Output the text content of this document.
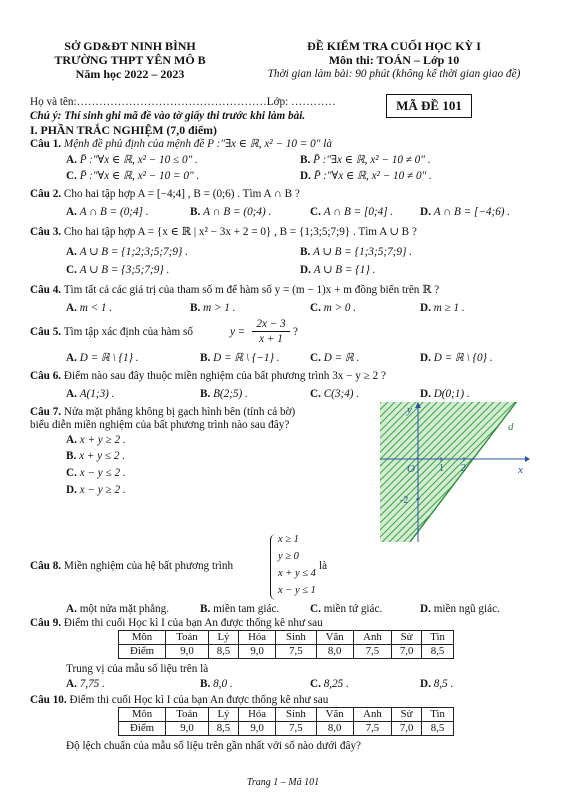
SỞ GD&ĐT NINH BÌNH
TRƯỜNG THPT YÊN MÔ B
Năm học 2022 – 2023
ĐỀ KIỂM TRA CUỐI HỌC KỲ I
Môn thi: TOÁN – Lớp 10
Thời gian làm bài: 90 phút (không kể thời gian giao đề)
Họ và tên:……………………………………………Lớp: …………
Chú ý: Thí sinh ghi mã đề vào tờ giấy thi trước khi làm bài.
MÃ ĐỀ 101
I. PHẦN TRẮC NGHIỆM (7,0 điểm)
Câu 1. Mệnh đề phủ định của mệnh đề P :"∃x ∈ ℝ, x² − 10 = 0" là
A. P̄ :"∀x ∈ ℝ, x² − 10 ≤ 0" .	B. P̄ :"∃x ∈ ℝ, x² − 10 ≠ 0" .
C. P̄ :"∀x ∈ ℝ, x² − 10 = 0" .	D. P̄ :"∀x ∈ ℝ, x² − 10 ≠ 0" .
Câu 2. Cho hai tập hợp A = [−4;4] , B = (0;6) . Tìm A ∩ B ?
A. A ∩ B = (0;4] .	B. A ∩ B = (0;4) .	C. A ∩ B = [0;4] . D. A ∩ B = [−4;6) .
Câu 3. Cho hai tập hợp A = {x ∈ ℝ | x² − 3x + 2 = 0} , B = {1;3;5;7;9} . Tìm A ∪ B ?
A. A ∪ B = {1;2;3;5;7;9} .	B. A ∪ B = {1;3;5;7;9} .
C. A ∪ B = {3;5;7;9} .	D. A ∪ B = {1} .
Câu 4. Tìm tất cả các giá trị của tham số m để hàm số y = (m − 1)x + m đồng biến trên ℝ ?
A. m < 1 .	B. m > 1 .	C. m > 0 .	D. m ≥ 1 .
Câu 5. Tìm tập xác định của hàm số	y =
2x − 3
x + 1
?
A. D = ℝ \ {1} .	B. D = ℝ \ {−1} .	C. D = ℝ .	D. D = ℝ \ {0} .
Câu 6. Điểm nào sau đây thuộc miền nghiệm của bất phương trình 3x − y ≥ 2 ?
A. A(1;3) .	B. B(2;5) .	C. C(3;4) .	D. D(0;1) .
Câu 7. Nửa mặt phẳng không bị gạch hình bên (tính cả bờ)
biểu diễn miền nghiệm của bất phương trình nào sau đây?
A. x + y ≥ 2 .
B. x + y ≤ 2 .
C. x − y ≤ 2 .
D. x − y ≥ 2 .
x
y
O 1 2
-2
d
Câu 8. Miền nghiệm của hệ bất phương trình
x ≥ 1
y ≥ 0
x + y ≤ 4
x − y ≤ 1
là
A. một nửa mặt phẳng.	B. miền tam giác.	C. miền tứ giác.	D. miền ngũ giác.
Câu 9. Điểm thi cuối Học kì I của bạn An được thống kê như sau
Môn	Toán	Lý	Hóa	Sinh	Văn	Anh	Sử	Tin
Điểm	9,0	8,5	9,0	7,5	8,0	7,5	7,0	8,5
Trung vị của mẫu số liệu trên là
A. 7,75 .	B. 8,0 .	C. 8,25 .	D. 8,5 .
Câu 10. Điểm thi cuối Học kì I của bạn An được thống kê như sau
Môn	Toán	Lý	Hóa	Sinh	Văn	Anh	Sử	Tin
Điểm	9,0	8,5	9,0	7,5	8,0	7,5	7,0	8,5
Độ lệch chuẩn của mẫu số liệu trên gần nhất với số nào dưới đây?
Trang 1 – Mã 101
